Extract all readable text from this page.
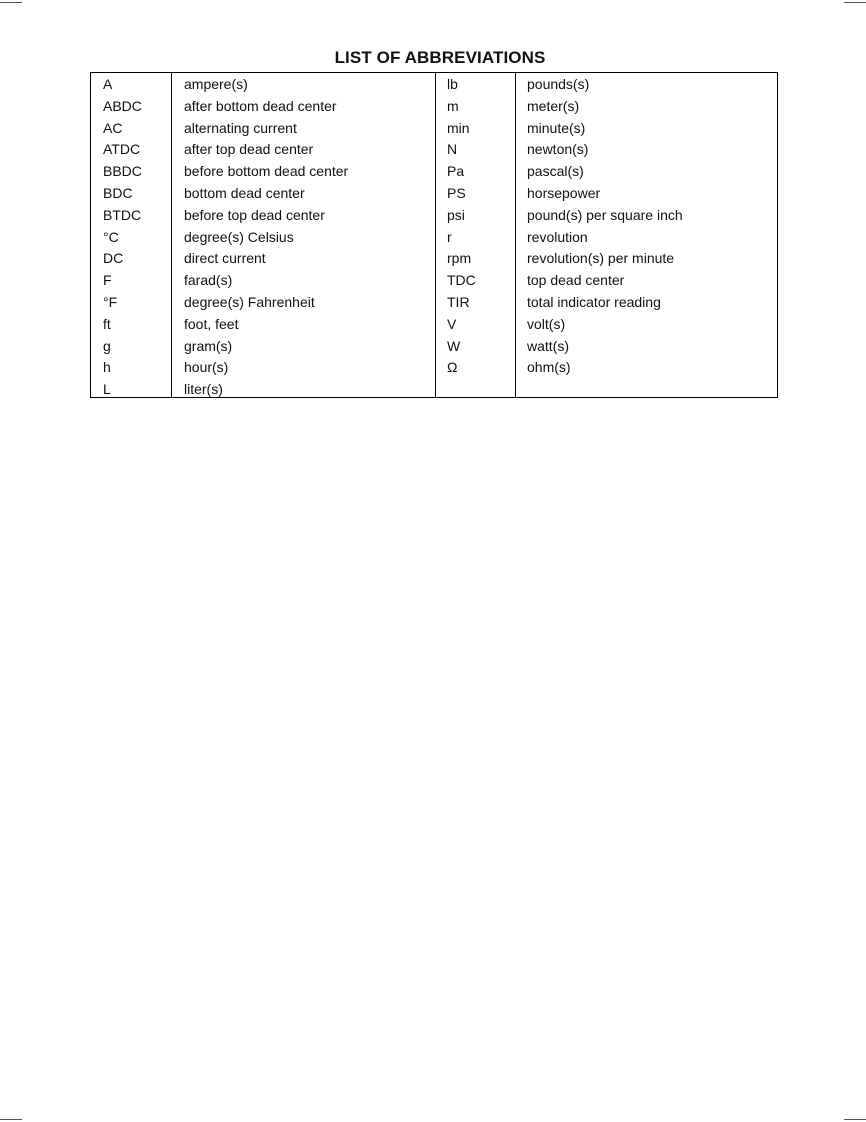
LIST OF ABBREVIATIONS
A
ABDC
AC
ATDC
BBDC
BDC
BTDC
°C
DC
F
°F
ft
g
h
L
ampere(s)
after bottom dead center
alternating current
after top dead center
before bottom dead center
bottom dead center
before top dead center
degree(s) Celsius
direct current
farad(s)
degree(s) Fahrenheit
foot, feet
gram(s)
hour(s)
liter(s)
lb
m
min
N
Pa
PS
psi
r
rpm
TDC
TIR
V
W
Ω
pounds(s)
meter(s)
minute(s)
newton(s)
pascal(s)
horsepower
pound(s) per square inch
revolution
revolution(s) per minute
top dead center
total indicator reading
volt(s)
watt(s)
ohm(s)
